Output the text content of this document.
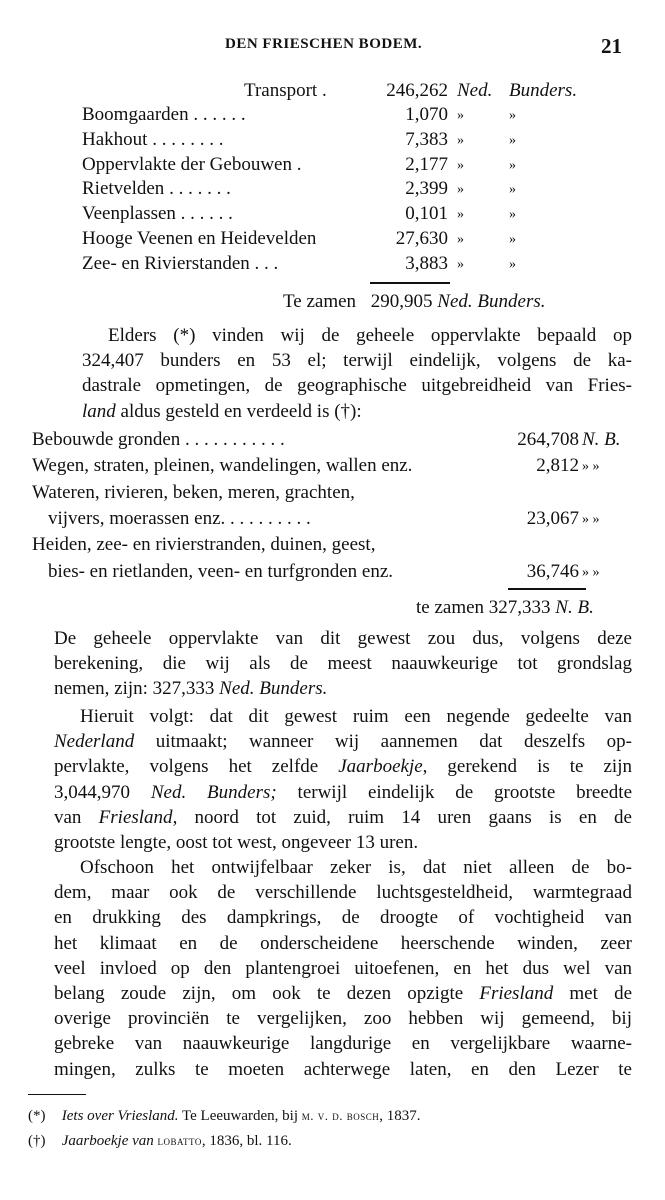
DEN FRIESCHEN BODEM.	21
Transport .	246,262 Ned. Bunders.
Boomgaarden . . . . . .	1,070 »	»
Hakhout . . . . . . . .	7,383 »	»
Oppervlakte der Gebouwen .	2,177 »	»
Rietvelden . . . . . . .	2,399 »	»
Veenplassen . . . . . .	0,101 »	»
Hooge Veenen en Heidevelden	27,630 »	»
Zee- en Rivierstanden . . .	3,883 »	»
Te zamen 290,905 Ned. Bunders.
Elders (*) vinden wij de geheele oppervlakte bepaald op
324,407 bunders en 53 el; terwijl eindelijk, volgens de ka-
dastrale opmetingen, de geographische uitgebreidheid van Fries-
land aldus gesteld en verdeeld is (†):
Bebouwde gronden . . . . . . . . . . .	264,708 N. B.
Wegen, straten, pleinen, wandelingen, wallen enz.	2,812 » »
Wateren, rivieren, beken, meren, grachten,
vijvers, moerassen enz. . . . . . . . . .	23,067 » »
Heiden, zee- en rivierstranden, duinen, geest,
bies- en rietlanden, veen- en turfgronden enz.	36,746 » »
te zamen 327,333 N. B.
De geheele oppervlakte van dit gewest zou dus, volgens deze
berekening, die wij als de meest naauwkeurige tot grondslag
nemen, zijn: 327,333 Ned. Bunders.
Hieruit volgt: dat dit gewest ruim een negende gedeelte van
Nederland uitmaakt; wanneer wij aannemen dat deszelfs op-
pervlakte, volgens het zelfde Jaarboekje, gerekend is te zijn
3,044,970 Ned. Bunders; terwijl eindelijk de grootste breedte
van Friesland, noord tot zuid, ruim 14 uren gaans is en de
grootste lengte, oost tot west, ongeveer 13 uren.
Ofschoon het ontwijfelbaar zeker is, dat niet alleen de bo-
dem, maar ook de verschillende luchtsgesteldheid, warmtegraad
en drukking des dampkrings, de droogte of vochtigheid van
het klimaat en de onderscheidene heerschende winden, zeer
veel invloed op den plantengroei uitoefenen, en het dus wel van
belang zoude zijn, om ook te dezen opzigte Friesland met de
overige provinciën te vergelijken, zoo hebben wij gemeend, bij
gebreke van naauwkeurige langdurige en vergelijkbare waarne-
mingen, zulks te moeten achterwege laten, en den Lezer te
(*) Iets over Vriesland. Te Leeuwarden, bij m. v. d. bosch, 1837.
(†) Jaarboekje van lobatto, 1836, bl. 116.
